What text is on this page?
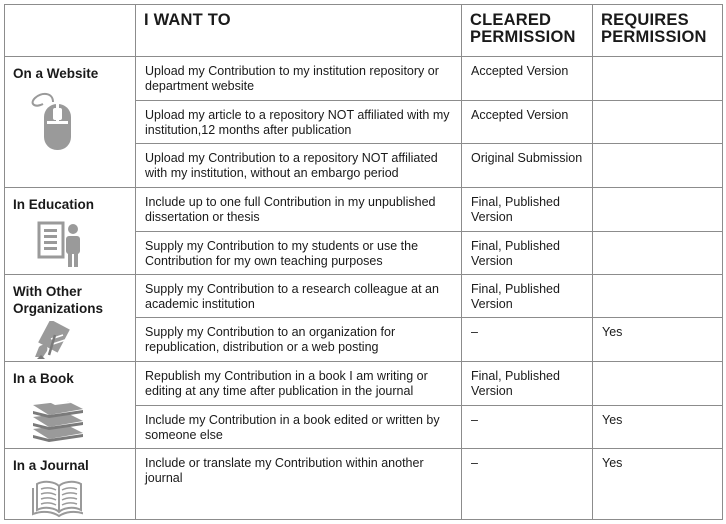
	I WANT TO	CLEARED PERMISSION	REQUIRES PERMISSION

On a Website	Upload my Contribution to my institution repository or department website	Accepted Version	

	Upload my article to a repository NOT affiliated with my institution,12 months after publication	Accepted Version	

	Upload my Contribution to a repository NOT affiliated with my institution, without an embargo period	Original Submission	

In Education	Include up to one full Contribution in my unpublished dissertation or thesis	Final, Published Version	

	Supply my Contribution to my students or use the Contribution for my own teaching purposes	Final, Published Version	

With Other Organizations	Supply my Contribution to a research colleague at an academic institution	Final, Published Version	

	Supply my Contribution to an organization for republication, distribution or a web posting	–	Yes

In a Book	Republish my Contribution in a book I am writing or editing at any time after publication in the journal	Final, Published Version	

	Include my Contribution in a book edited or written by someone else	–	Yes

In a Journal	Include or translate my Contribution within another journal	–	Yes
